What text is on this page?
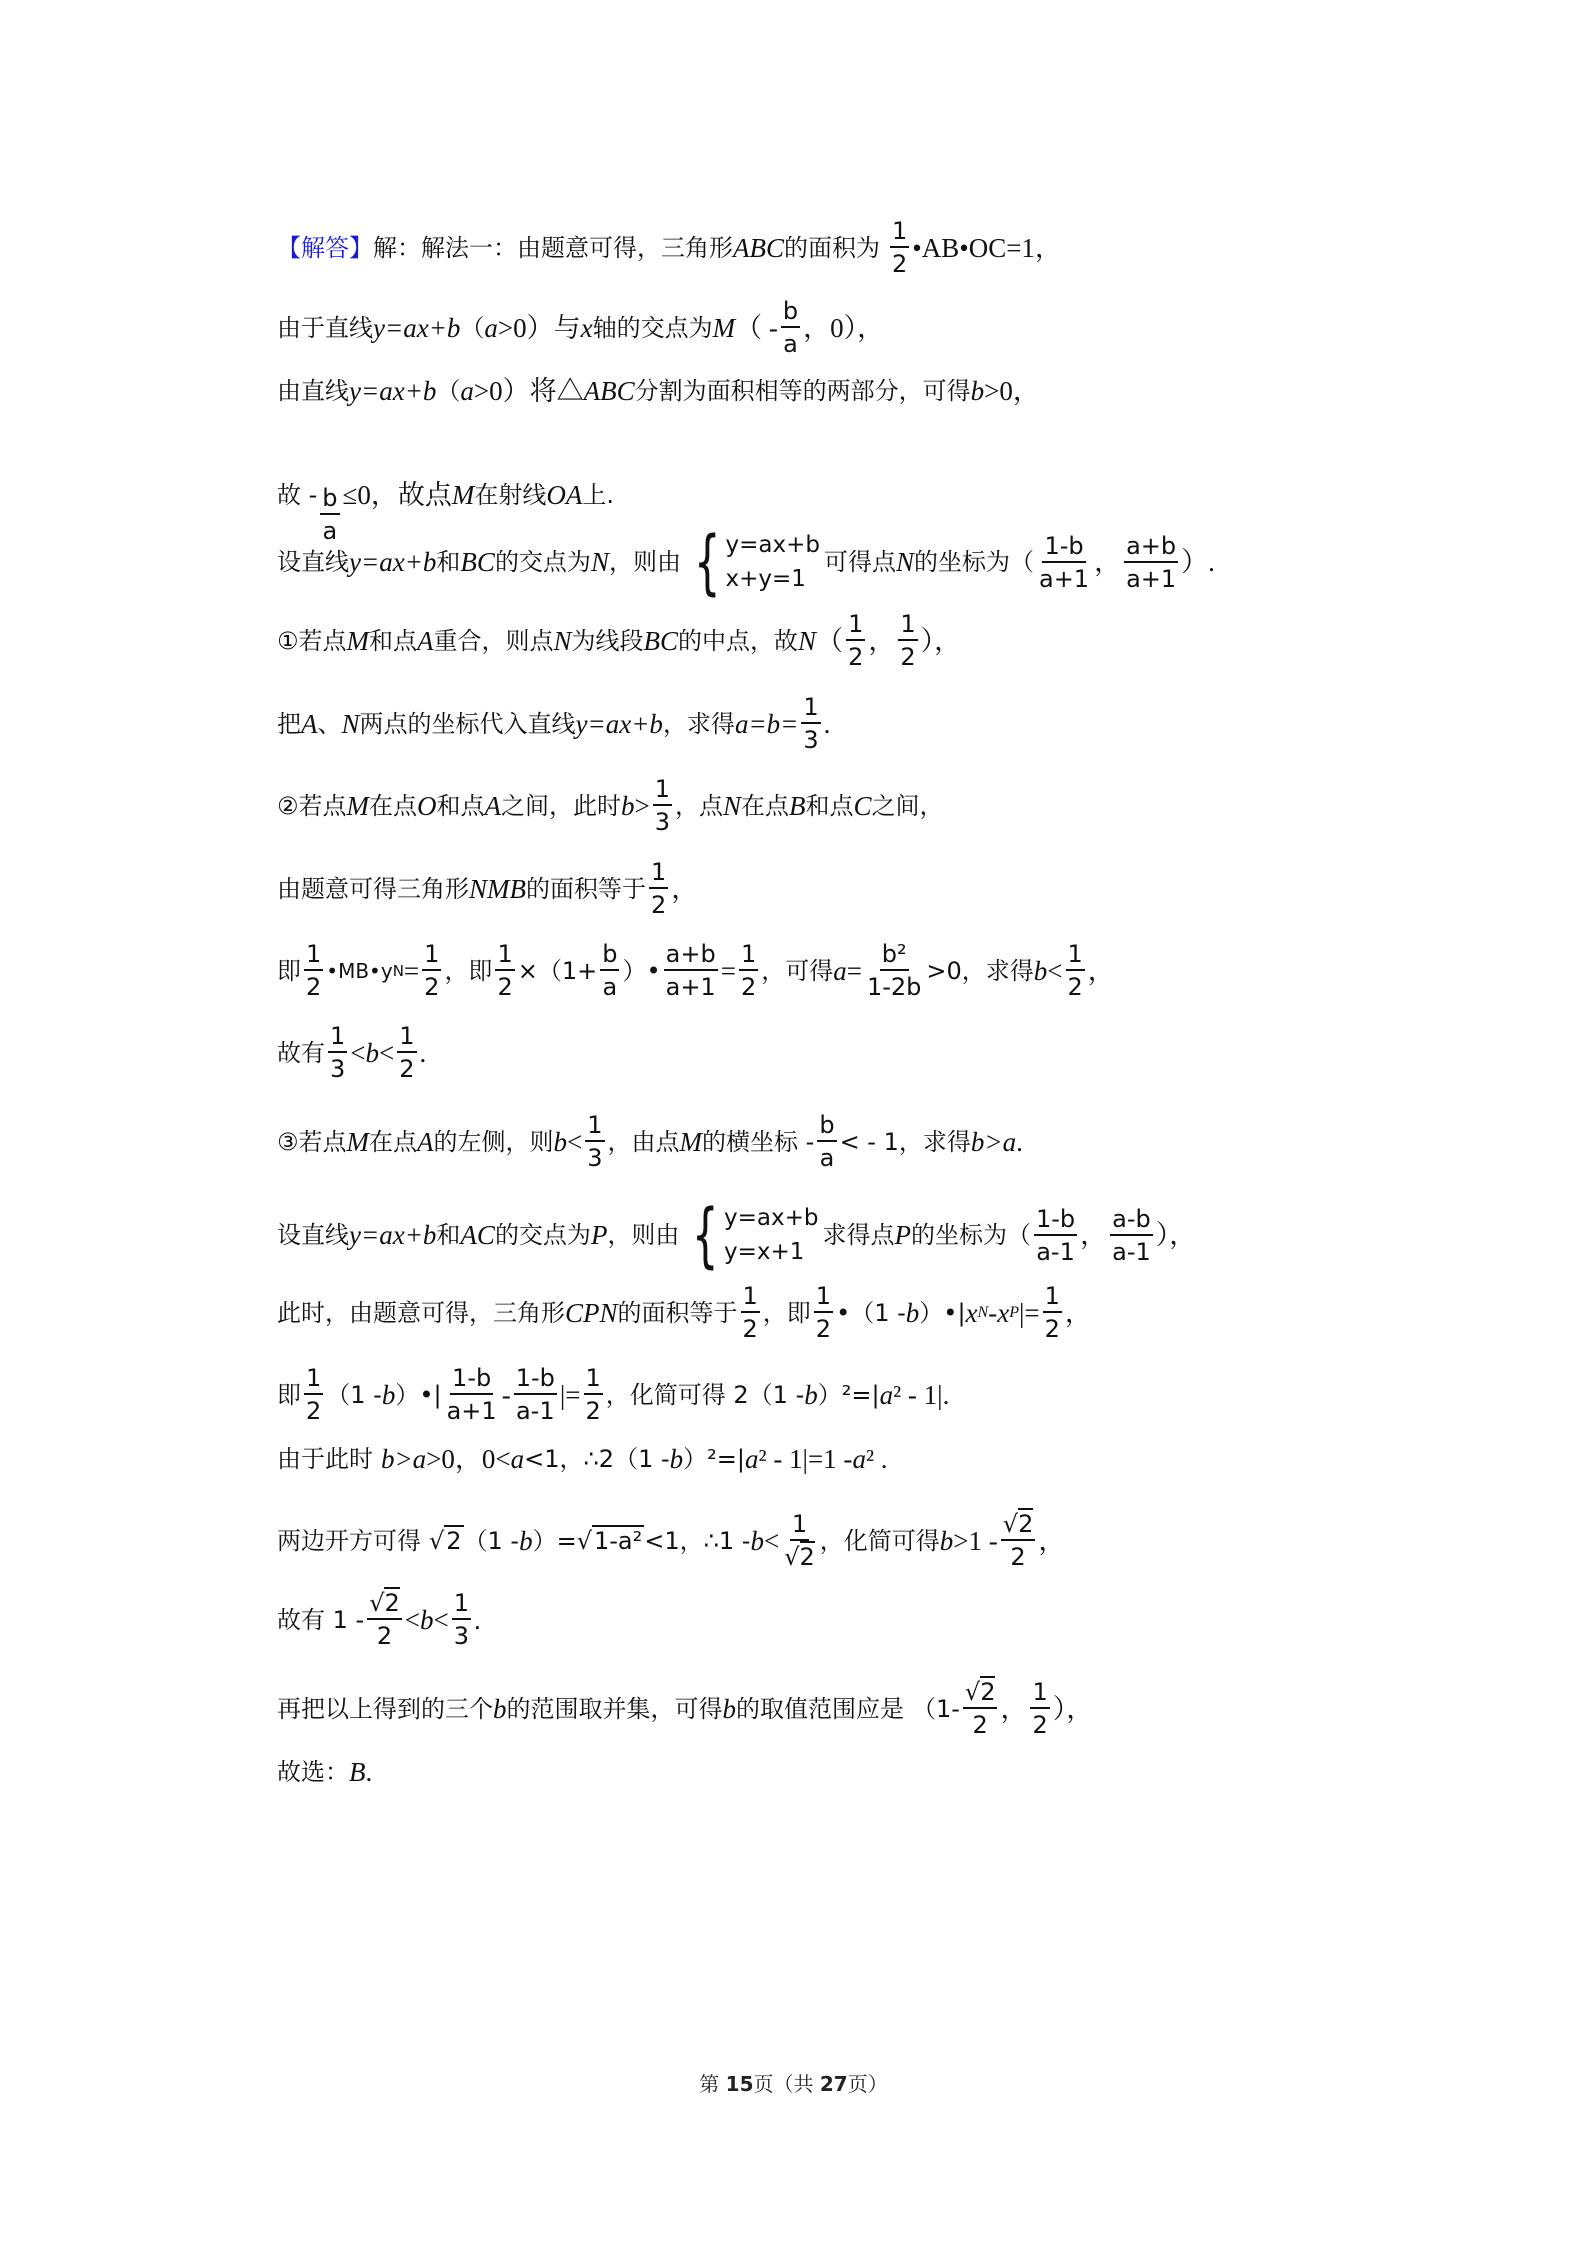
【解答】 解：解法一：由题意可得，三角形 ABC 的面积为 $\frac{1}{2}$ •AB•OC=1，
由于直线 y=ax+b （ a >0）与 x 轴的交点为 M （ - $\frac{b}{a}$ ，0），
由直线 y=ax+b （ a >0）将△ ABC 分割为面积相等的两部分，可得 b >0，
故 - $\frac{b}{a} \le 0$，故点 M 在射线 OA 上.
设直线 y=ax+b 和 BC 的交点为 N ，则由 { y=ax+b
x+y=1
可得点 N 的坐标为（ $\frac{1-b}{a+1}$ ， $\frac{a+b}{a+1}$ ）.
①若点 M 和点 A 重合，则点 N 为线段 BC 的中点，故 N （ $\frac{1}{2}$ ， $\frac{1}{2}$ ），
把 A 、 N 两点的坐标代入直线 y=ax+b ，求得 $a=b= \frac{1}{3}$ .
②若点 M 在点 O 和点 A 之间，此时 $b > \frac{1}{3}$ ，点 N 在点 B 和点 C 之间，
由题意可得三角形 NMB 的面积等于 $\frac{1}{2}$ ，
即 $\frac{1}{2}$ •MB•y $N = \frac{1}{2}$ ，即 $\frac{1}{2} \times(1+ \frac{b}{a}$ ）• $\frac{a+b}{a+1} = \frac{1}{2}$ ，可得 $a = \frac{\text{b²}}{1-2b} >0$，求得 $b < \frac{1}{2}$ ，
故有 $\frac{1}{3} < b < \frac{1}{2}$ .
③若点 M 在点 A 的左侧，则 $b < \frac{1}{3}$ ，由点 M 的横坐标 - $\frac{b}{a}$ < - 1，求得 b>a .
设直线 y=ax+b 和 AC 的交点为 P ，则由 { y=ax+b
y=x+1
求得点 P 的坐标为（ $\frac{1-b}{a-1}$ ， $\frac{a-b}{a-1}$ ），
此时，由题意可得，三角形 CPN 的面积等于 $\frac{1}{2}$ ，即 $\frac{1}{2}$ •（1 - b ）•| x N - x P |= $\frac{1}{2}$ ，
即 $\frac{1}{2} (1$ - b ）•| $\frac{1-b}{a+1} - \frac{1-b}{a-1}$ |= $\frac{1}{2}$ ，化简可得 2（1 - b ）²=| a ² - 1|.
由于此时
b>a >0，0< a <1，∴2（1 - b ）²=| a ² - 1|=1 - a ² .
两边开方可得
√2 （1 - b ）= √1-a² <1，∴1 - $b < \frac{1}{√2}$ ，化简可得 $b >1 - \frac{√2}{2}$ ，
故有 $1 - \frac{√2}{2} < b < \frac{1}{3}$ .
再把以上得到的三个 b 的范围取并集，可得 b 的取值范围应是
（$1- \frac{√2}{2}$ ， $\frac{1}{2}$ ），
故选： B .
第 15页（共 27页）
